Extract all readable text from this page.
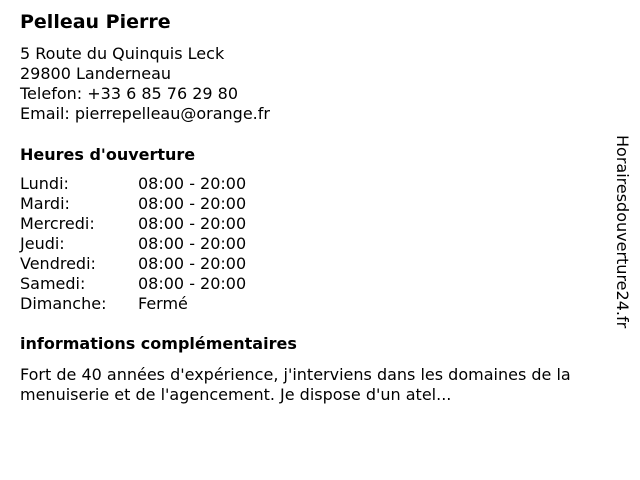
Pelleau Pierre
5 Route du Quinquis Leck
29800 Landerneau
Telefon: +33 6 85 76 29 80
Email: pierrepelleau@orange.fr
Heures d'ouverture
Lundi:	08:00 - 20:00
Mardi:	08:00 - 20:00
Mercredi:	08:00 - 20:00
Jeudi:	08:00 - 20:00
Vendredi:	08:00 - 20:00
Samedi:	08:00 - 20:00
Dimanche:	Fermé
informations complémentaires
Fort de 40 années d'expérience, j'interviens dans les domaines de la menuiserie et de l'agencement. Je dispose d'un atel...
Horairesdouverture24.fr
